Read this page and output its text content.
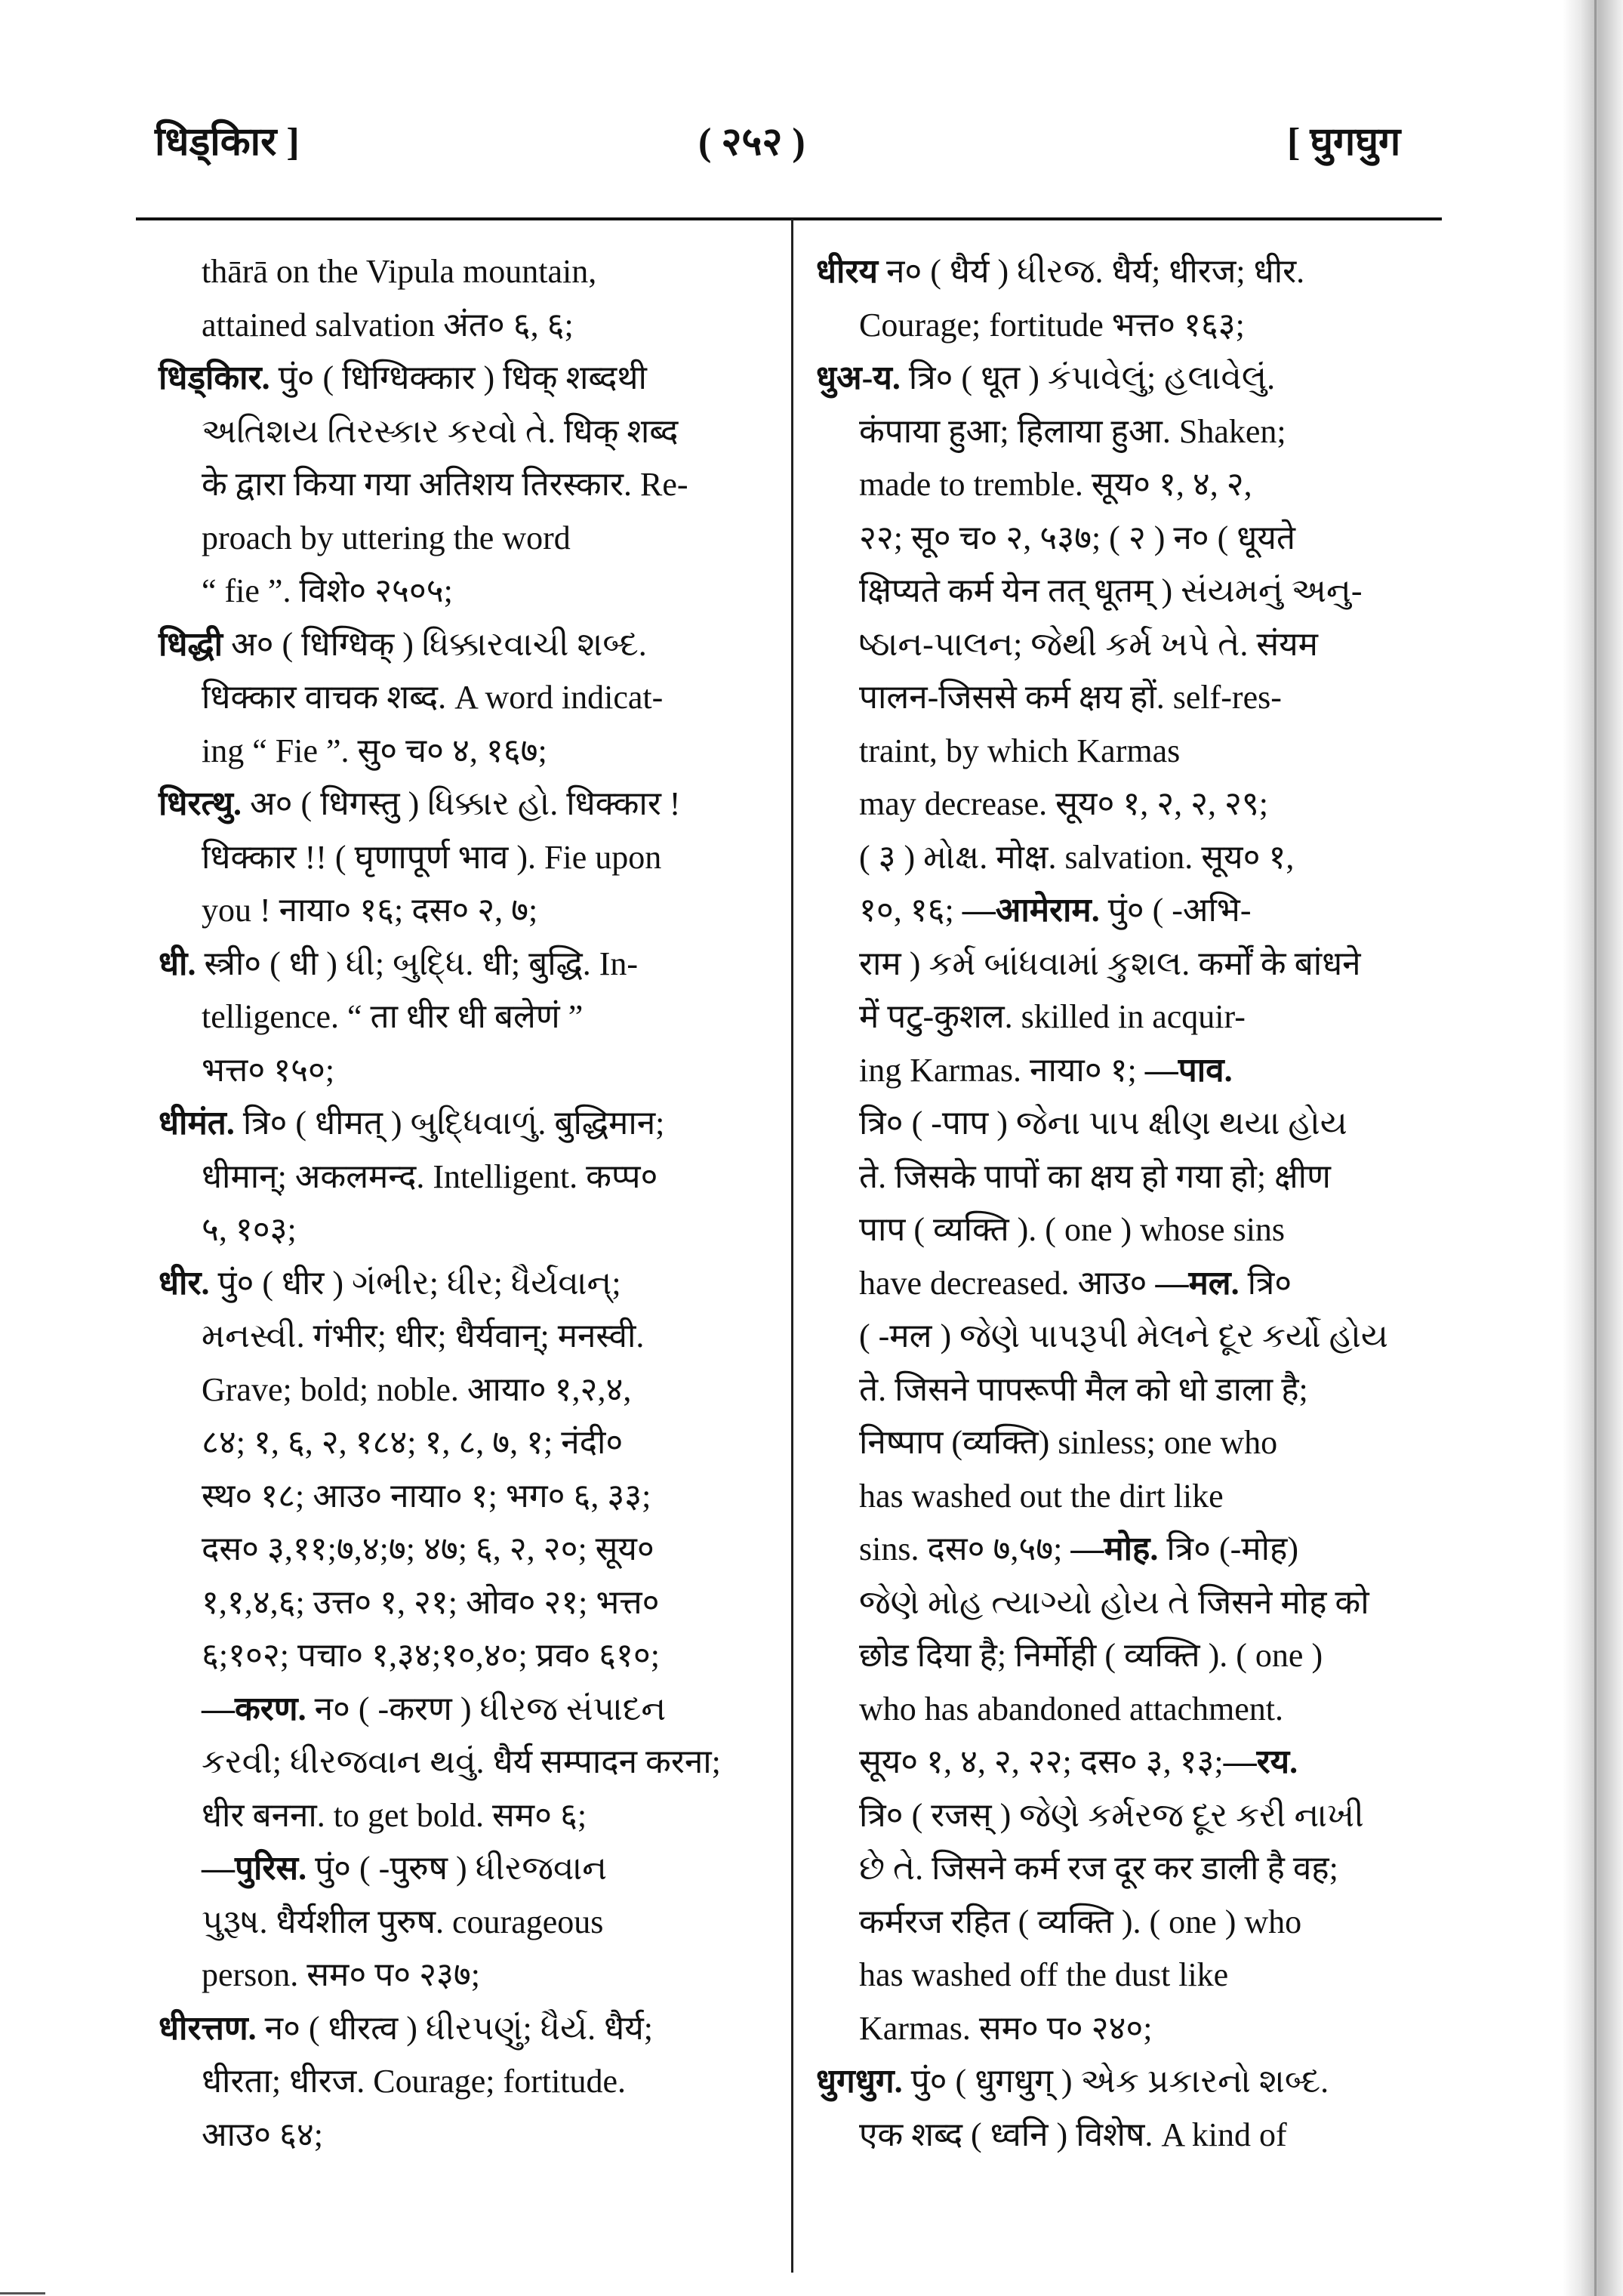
धिड्किार ]	( २५२ )	[ घुगघुग
thārā on the Vipula mountain,
attained salvation अंत० ६, ६;
धिड्किार. पुं० ( धिग्धिक्कार ) धिक् शब्दथी
અતિશય તિરસ્કાર કરવો તે. धिक् शब्द
के द्वारा किया गया अतिशय तिरस्कार. Re-
proach by uttering the word
“ fie ”. विशे० २५०५;
धिद्धी अ० ( धिग्धिक् ) ધિક્કારવાચી શબ્દ.
धिक्कार वाचक शब्द. A word indicat-
ing “ Fie ”. सु० च० ४, १६७;
धिरत्थु. अ० ( धिगस्तु ) ધિક્કાર હો. धिक्कार !
धिक्कार !! ( घृणापूर्ण भाव ). Fie upon
you ! नाया० १६; दस० २, ७;
धी. स्त्री० ( धी ) ધી; બુદ્ધિ. धी; बुद्धि. In-
telligence. “ ता धीर धी बलेणं ”
भत्त० १५०;
धीमंत. त्रि० ( धीमत् ) બુદ્ધિવાળું. बुद्धिमान;
धीमान्; अकलमन्द. Intelligent. कप्प०
५, १०३;
धीर. पुं० ( धीर ) ગંભીર; ધીર; ધૈર્યવાન્;
મનસ્વી. गंभीर; धीर; धैर्यवान्; मनस्वी.
Grave; bold; noble. आया० १,२,४,
८४; १, ६, २, १८४; १, ८, ७, १; नंदी०
स्थ० १८; आउ० नाया० १; भग० ६, ३३;
दस० ३,११;७,४;७; ४७; ६, २, २०; सूय०
१,१,४,६; उत्त० १, २१; ओव० २१; भत्त०
६;१०२; पचा० १,३४;१०,४०; प्रव० ६१०;
—करण. न० ( -करण ) ધીરજ સંપાદન
કરવી; ધીરજવાન થવું. धैर्य सम्पादन करना;
धीर बनना. to get bold. सम० ६;
—पुरिस. पुं० ( -पुरुष ) ધીરજવાન
પુરૂષ. धैर्यशील पुरुष. courageous
person. सम० प० २३७;
धीरत्तण. न० ( धीरत्व ) ધીરપણું; ધૈર્ય. धैर्य;
धीरता; धीरज. Courage; fortitude.
आउ० ६४;
धीरय न० ( धैर्य ) ધીરજ. धैर्य; धीरज; धीर.
Courage; fortitude भत्त० १६३;
धुअ-य. त्रि० ( धूत ) કંપાવેલું; હલાવેલું.
कंपाया हुआ; हिलाया हुआ. Shaken;
made to tremble. सूय० १, ४, २,
२२; सू० च० २, ५३७; ( २ ) न० ( धूयते
क्षिप्यते कर्म येन तत् धूतम् ) સંયમનું અનુ-
ષ્ઠાન-પાલન; જેથી કર્મ ખપે તે. संयम
पालन-जिससे कर्म क्षय हों. self-res-
traint, by which Karmas
may decrease. सूय० १, २, २, २९;
( ३ ) મોક્ષ. मोक्ष. salvation. सूय० १,
१०, १६; —आमेराम. पुं० ( -अभि-
राम ) કર્મ બાંધવામાં કુશલ. कर्मों के बांधने
में पटु-कुशल. skilled in acquir-
ing Karmas. नाया० १; —पाव.
त्रि० ( -पाप ) જેના પાપ ક્ષીણ થયા હોય
ते. जिसके पापों का क्षय हो गया हो; क्षीण
पाप ( व्यक्ति ). ( one ) whose sins
have decreased. आउ० —मल. त्रि०
( -मल ) જેણે પાપરૂપી મેલને દૂર કર્યો હોય
ते. जिसने पापरूपी मैल को धो डाला है;
निष्पाप (व्यक्ति) sinless; one who
has washed out the dirt like
sins. दस० ७,५७; —मोह. त्रि० (-मोह)
જેણે મોહ ત્યાગ્યો હોય તે जिसने मोह को
छोड दिया है; निर्मोही ( व्यक्ति ). ( one )
who has abandoned attachment.
सूय० १, ४, २, २२; दस० ३, १३;—रय.
त्रि० ( रजस् ) જેણે કર્મરજ દૂર કરી નાખી
છે તે. जिसने कर्म रज दूर कर डाली है वह;
कर्मरज रहित ( व्यक्ति ). ( one ) who
has washed off the dust like
Karmas. सम० प० २४०;
धुगधुग. पुं० ( धुगधुग् ) એક પ્રકારનો શબ્દ.
एक शब्द ( ध्वनि ) विशेष. A kind of
